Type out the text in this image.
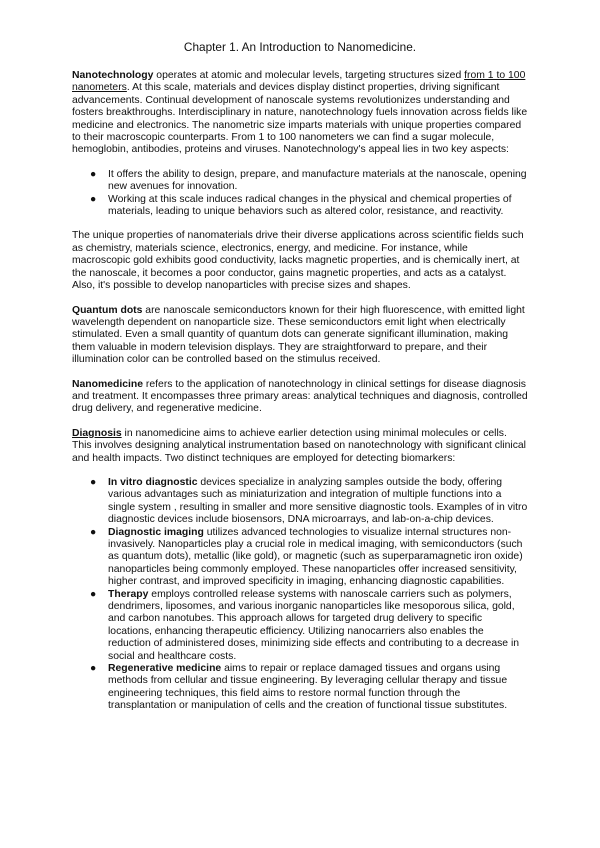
Chapter 1. An Introduction to Nanomedicine.

Nanotechnology operates at atomic and molecular levels, targeting structures sized from 1 to 100 nanometers. At this scale, materials and devices display distinct properties, driving significant advancements. Continual development of nanoscale systems revolutionizes understanding and fosters breakthroughs. Interdisciplinary in nature, nanotechnology fuels innovation across fields like medicine and electronics. The nanometric size imparts materials with unique properties compared to their macroscopic counterparts. From 1 to 100 nanometers we can find a sugar molecule, hemoglobin, antibodies, proteins and viruses. Nanotechnology's appeal lies in two key aspects:

● It offers the ability to design, prepare, and manufacture materials at the nanoscale, opening new avenues for innovation.
● Working at this scale induces radical changes in the physical and chemical properties of materials, leading to unique behaviors such as altered color, resistance, and reactivity.

The unique properties of nanomaterials drive their diverse applications across scientific fields such as chemistry, materials science, electronics, energy, and medicine. For instance, while macroscopic gold exhibits good conductivity, lacks magnetic properties, and is chemically inert, at the nanoscale, it becomes a poor conductor, gains magnetic properties, and acts as a catalyst. Also, it's possible to develop nanoparticles with precise sizes and shapes.

Quantum dots are nanoscale semiconductors known for their high fluorescence, with emitted light wavelength dependent on nanoparticle size. These semiconductors emit light when electrically stimulated. Even a small quantity of quantum dots can generate significant illumination, making them valuable in modern television displays. They are straightforward to prepare, and their illumination color can be controlled based on the stimulus received.

Nanomedicine refers to the application of nanotechnology in clinical settings for disease diagnosis and treatment. It encompasses three primary areas: analytical techniques and diagnosis, controlled drug delivery, and regenerative medicine.

Diagnosis in nanomedicine aims to achieve earlier detection using minimal molecules or cells. This involves designing analytical instrumentation based on nanotechnology with significant clinical and health impacts. Two distinct techniques are employed for detecting biomarkers:

● In vitro diagnostic devices specialize in analyzing samples outside the body, offering various advantages such as miniaturization and integration of multiple functions into a single system , resulting in smaller and more sensitive diagnostic tools. Examples of in vitro diagnostic devices include biosensors, DNA microarrays, and lab-on-a-chip devices.
● Diagnostic imaging utilizes advanced technologies to visualize internal structures non-invasively. Nanoparticles play a crucial role in medical imaging, with semiconductors (such as quantum dots), metallic (like gold), or magnetic (such as superparamagnetic iron oxide) nanoparticles being commonly employed. These nanoparticles offer increased sensitivity, higher contrast, and improved specificity in imaging, enhancing diagnostic capabilities.
● Therapy employs controlled release systems with nanoscale carriers such as polymers, dendrimers, liposomes, and various inorganic nanoparticles like mesoporous silica, gold, and carbon nanotubes. This approach allows for targeted drug delivery to specific locations, enhancing therapeutic efficiency. Utilizing nanocarriers also enables the reduction of administered doses, minimizing side effects and contributing to a decrease in social and healthcare costs.
● Regenerative medicine aims to repair or replace damaged tissues and organs using methods from cellular and tissue engineering. By leveraging cellular therapy and tissue engineering techniques, this field aims to restore normal function through the transplantation or manipulation of cells and the creation of functional tissue substitutes.
